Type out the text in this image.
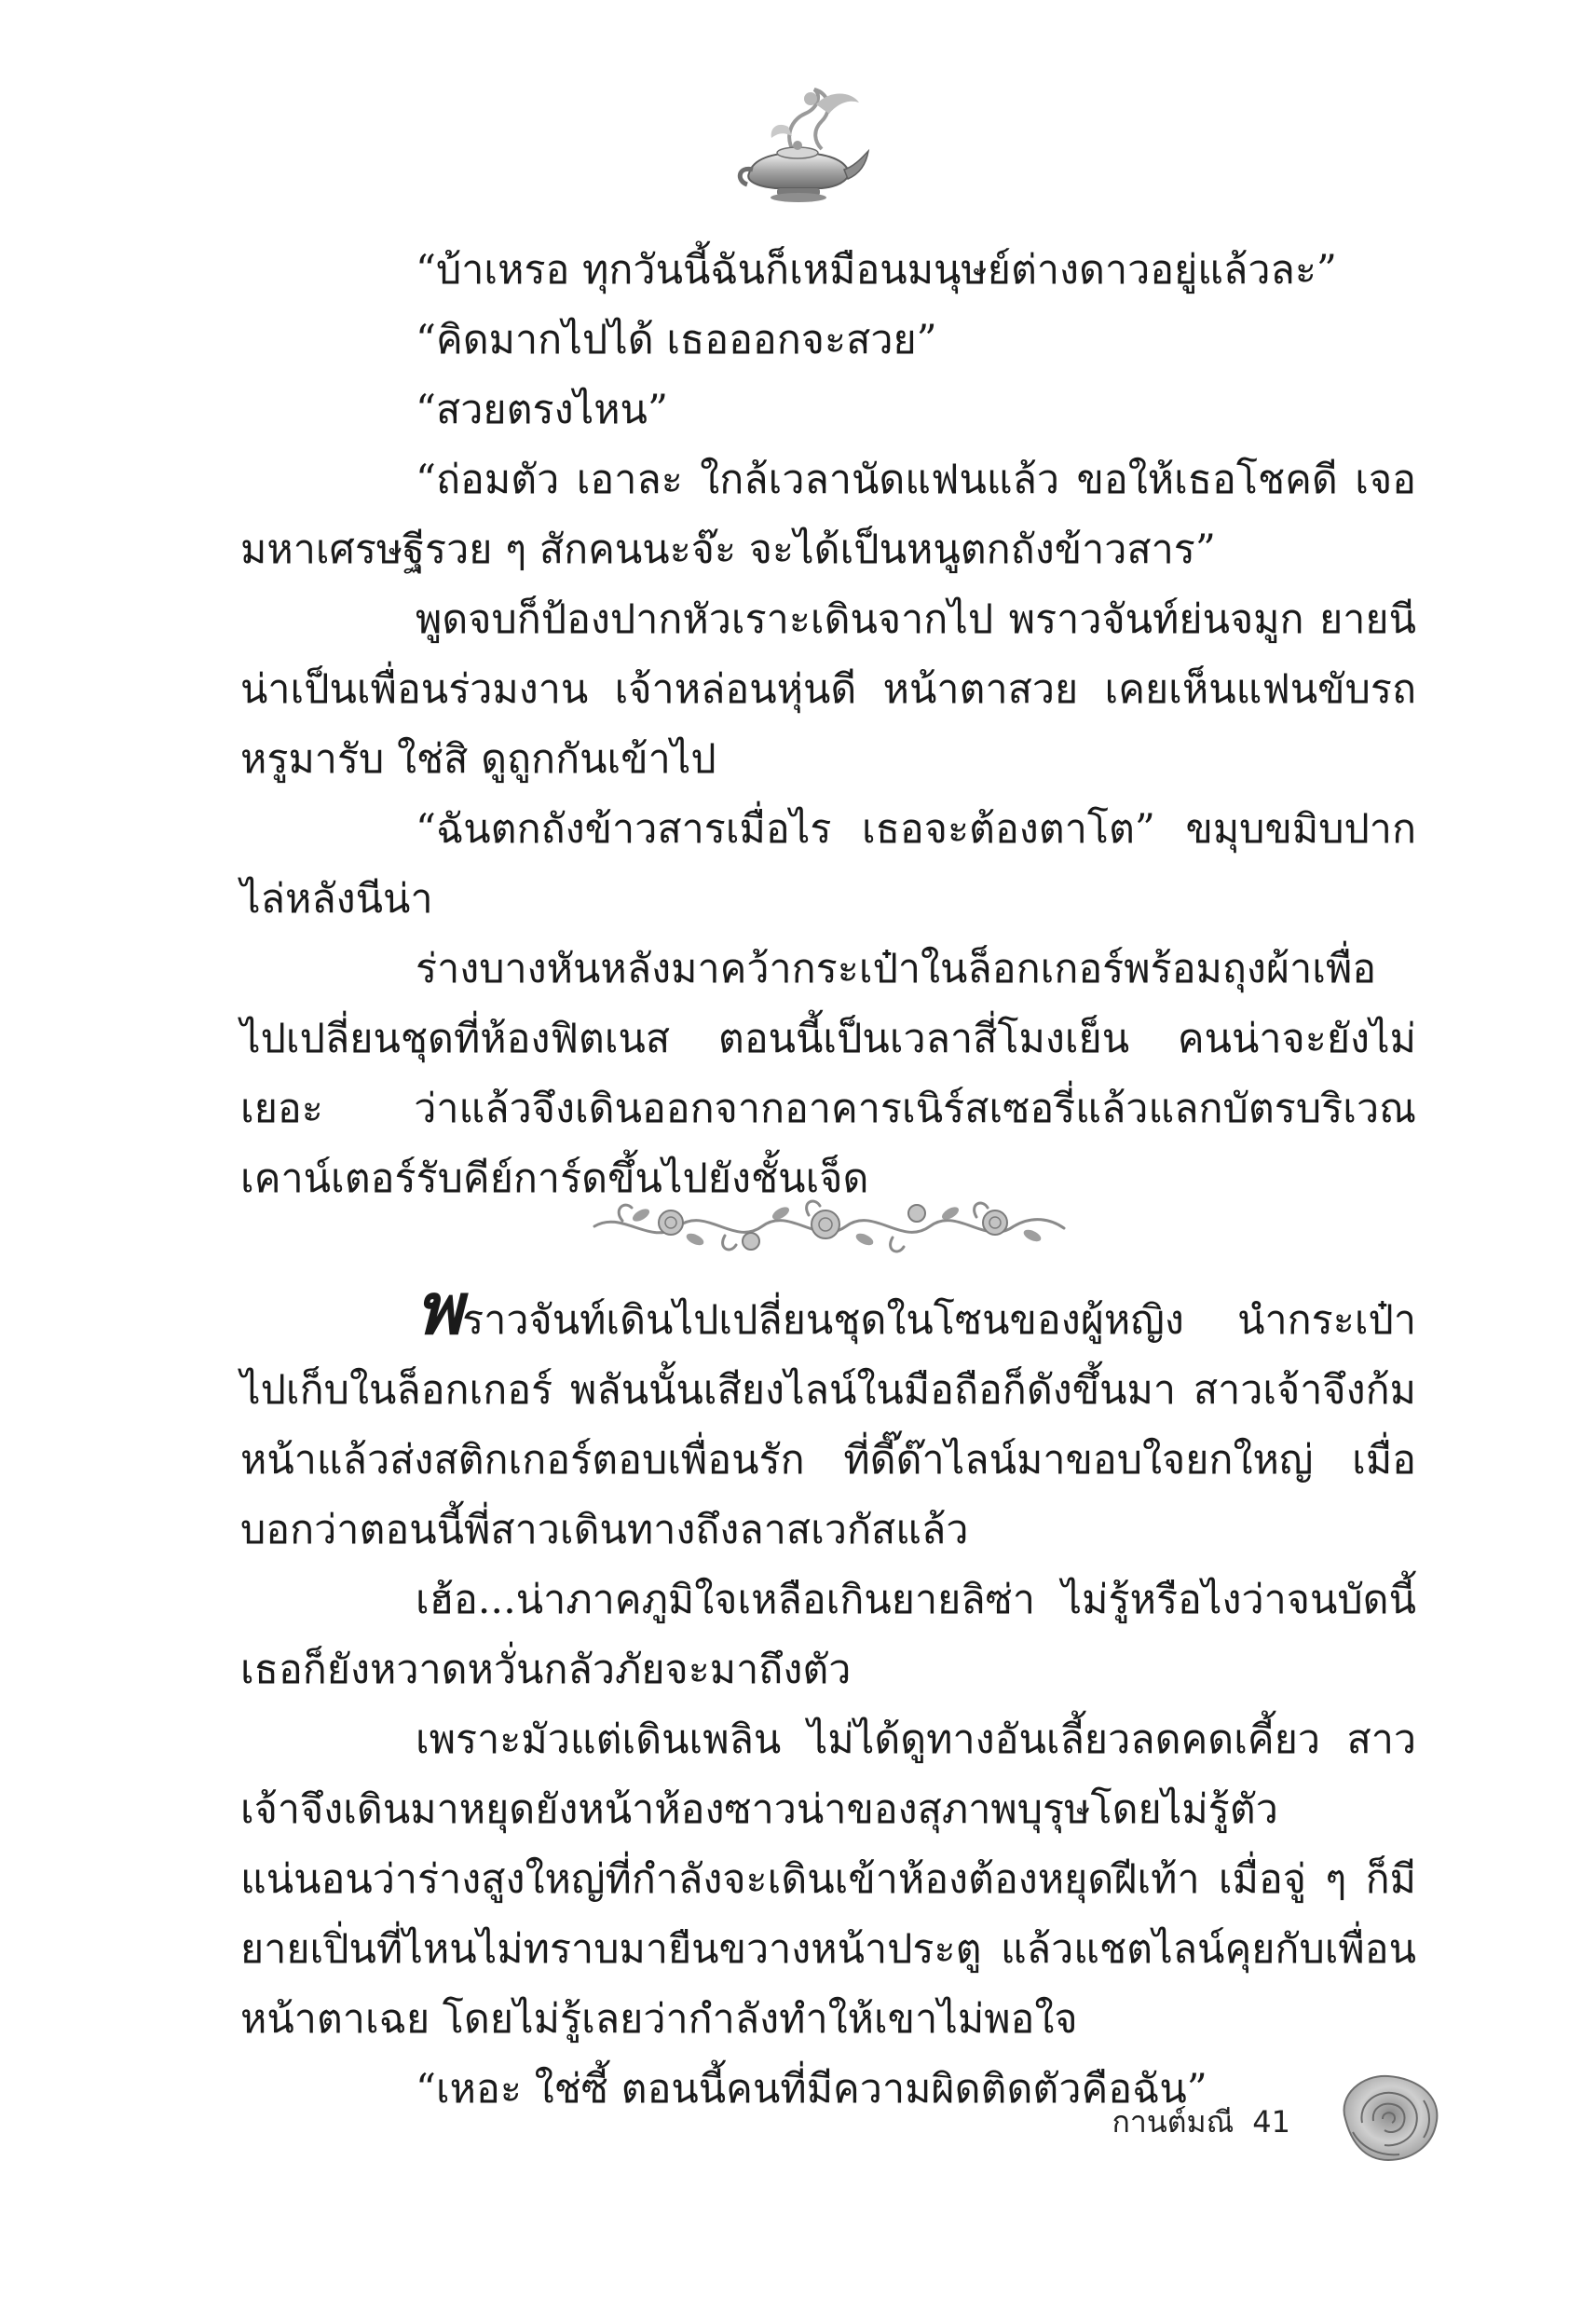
“บ้าเหรอ ทุกวันนี้ฉันก็เหมือนมนุษย์ต่างดาวอยู่แล้วละ”

“คิดมากไปได้ เธอออกจะสวย”

“สวยตรงไหน”

“ถ่อมตัว เอาละ ใกล้เวลานัดแฟนแล้ว ขอให้เธอโชคดี เจอมหาเศรษฐีรวย ๆ สักคนนะจ๊ะ จะได้เป็นหนูตกถังข้าวสาร”

พูดจบก็ป้องปากหัวเราะเดินจากไป พราวจันท์ย่นจมูก ยายนีน่าเป็นเพื่อนร่วมงาน เจ้าหล่อนหุ่นดี หน้าตาสวย เคยเห็นแฟนขับรถหรูมารับ ใช่สิ ดูถูกกันเข้าไป

“ฉันตกถังข้าวสารเมื่อไร เธอจะต้องตาโต” ขมุบขมิบปากไล่หลังนีน่า

ร่างบางหันหลังมาคว้ากระเป๋าในล็อกเกอร์พร้อมถุงผ้าเพื่อไปเปลี่ยนชุดที่ห้องฟิตเนส ตอนนี้เป็นเวลาสี่โมงเย็น คนน่าจะยังไม่เยอะ ว่าแล้วจึงเดินออกจากอาคารเนิร์สเซอรี่แล้วแลกบัตรบริเวณเคาน์เตอร์รับคีย์การ์ดขึ้นไปยังชั้นเจ็ด

พราวจันท์เดินไปเปลี่ยนชุดในโซนของผู้หญิง นำกระเป๋าไปเก็บในล็อกเกอร์ พลันนั้นเสียงไลน์ในมือถือก็ดังขึ้นมา สาวเจ้าจึงก้มหน้าแล้วส่งสติกเกอร์ตอบเพื่อนรัก ที่ดี๊ด๊าไลน์มาขอบใจยกใหญ่ เมื่อบอกว่าตอนนี้พี่สาวเดินทางถึงลาสเวกัสแล้ว

เฮ้อ...น่าภาคภูมิใจเหลือเกินยายลิซ่า ไม่รู้หรือไงว่าจนบัดนี้เธอก็ยังหวาดหวั่นกลัวภัยจะมาถึงตัว

เพราะมัวแต่เดินเพลิน ไม่ได้ดูทางอันเลี้ยวลดคดเคี้ยว สาวเจ้าจึงเดินมาหยุดยังหน้าห้องซาวน่าของสุภาพบุรุษโดยไม่รู้ตัว แน่นอนว่าร่างสูงใหญ่ที่กำลังจะเดินเข้าห้องต้องหยุดฝีเท้า เมื่อจู่ ๆ ก็มียายเปิ่นที่ไหนไม่ทราบมายืนขวางหน้าประตู แล้วแชตไลน์คุยกับเพื่อนหน้าตาเฉย โดยไม่รู้เลยว่ากำลังทำให้เขาไม่พอใจ

“เหอะ ใช่ซี้ ตอนนี้คนที่มีความผิดติดตัวคือฉัน”

กานต์มณี 41
